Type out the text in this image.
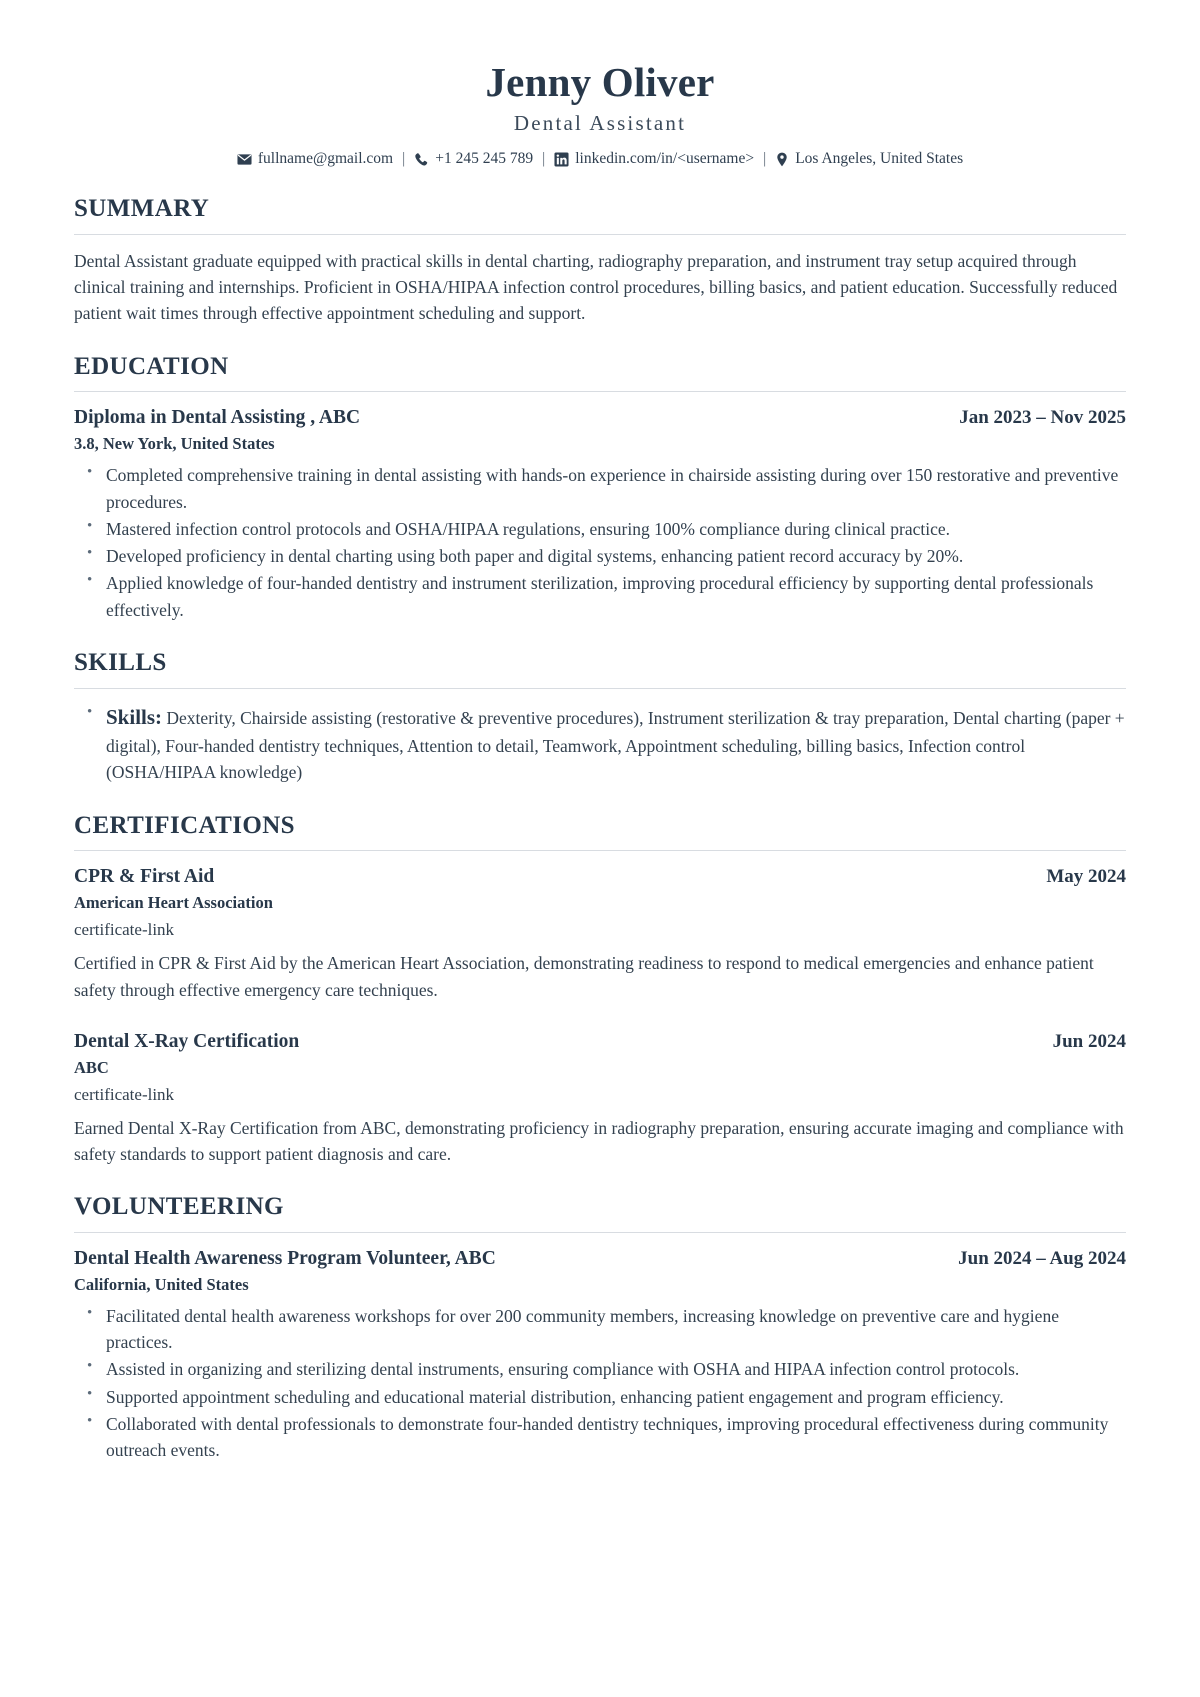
Jenny Oliver
Dental Assistant
fullname@gmail.com | +1 245 245 789 | linkedin.com/in/<username> | Los Angeles, United States
SUMMARY

Dental Assistant graduate equipped with practical skills in dental charting, radiography preparation, and instrument tray setup acquired through clinical training and internships. Proficient in OSHA/HIPAA infection control procedures, billing basics, and patient education. Successfully reduced patient wait times through effective appointment scheduling and support.

EDUCATION
Diploma in Dental Assisting , ABC	Jan 2023 – Nov 2025
3.8, New York, United States
• Completed comprehensive training in dental assisting with hands-on experience in chairside assisting during over 150 restorative and preventive procedures.
• Mastered infection control protocols and OSHA/HIPAA regulations, ensuring 100% compliance during clinical practice.
• Developed proficiency in dental charting using both paper and digital systems, enhancing patient record accuracy by 20%.
• Applied knowledge of four-handed dentistry and instrument sterilization, improving procedural efficiency by supporting dental professionals effectively.
SKILLS
• Skills: Dexterity, Chairside assisting (restorative & preventive procedures), Instrument sterilization & tray preparation, Dental charting (paper + digital), Four-handed dentistry techniques, Attention to detail, Teamwork, Appointment scheduling, billing basics, Infection control (OSHA/HIPAA knowledge)
CERTIFICATIONS
CPR & First Aid	May 2024
American Heart Association
certificate-link
Certified in CPR & First Aid by the American Heart Association, demonstrating readiness to respond to medical emergencies and enhance patient safety through effective emergency care techniques.
Dental X-Ray Certification	Jun 2024
ABC
certificate-link
Earned Dental X-Ray Certification from ABC, demonstrating proficiency in radiography preparation, ensuring accurate imaging and compliance with safety standards to support patient diagnosis and care.
VOLUNTEERING
Dental Health Awareness Program Volunteer, ABC	Jun 2024 – Aug 2024
California, United States
• Facilitated dental health awareness workshops for over 200 community members, increasing knowledge on preventive care and hygiene practices.
• Assisted in organizing and sterilizing dental instruments, ensuring compliance with OSHA and HIPAA infection control protocols.
• Supported appointment scheduling and educational material distribution, enhancing patient engagement and program efficiency.
• Collaborated with dental professionals to demonstrate four-handed dentistry techniques, improving procedural effectiveness during community outreach events.
